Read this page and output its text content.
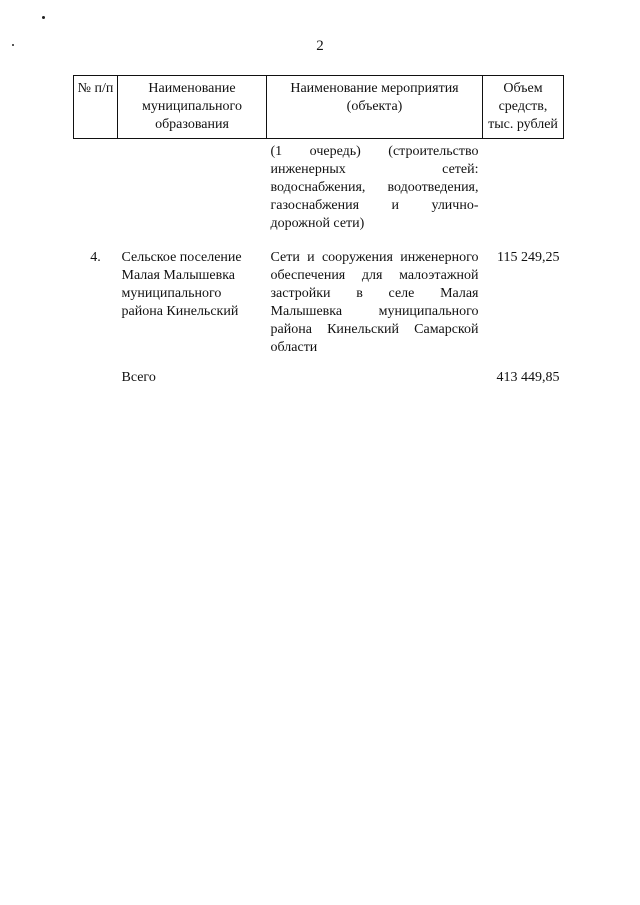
2
№ п/п	Наименование муниципального образования	Наименование мероприятия (объекта)	Объем средств, тыс. рублей
		(1 очередь) (строительство инженерных сетей: водоснабжения, водоотведения, газоснабжения и улично-дорожной сети)	
4.	Сельское поселение Малая Малышевка муниципального района Кинельский	Сети и сооружения инженерного обеспечения для малоэтажной застройки в селе Малая Малышевка муниципального района Кинельский Самарской области	115 249,25
	Всего		413 449,85
